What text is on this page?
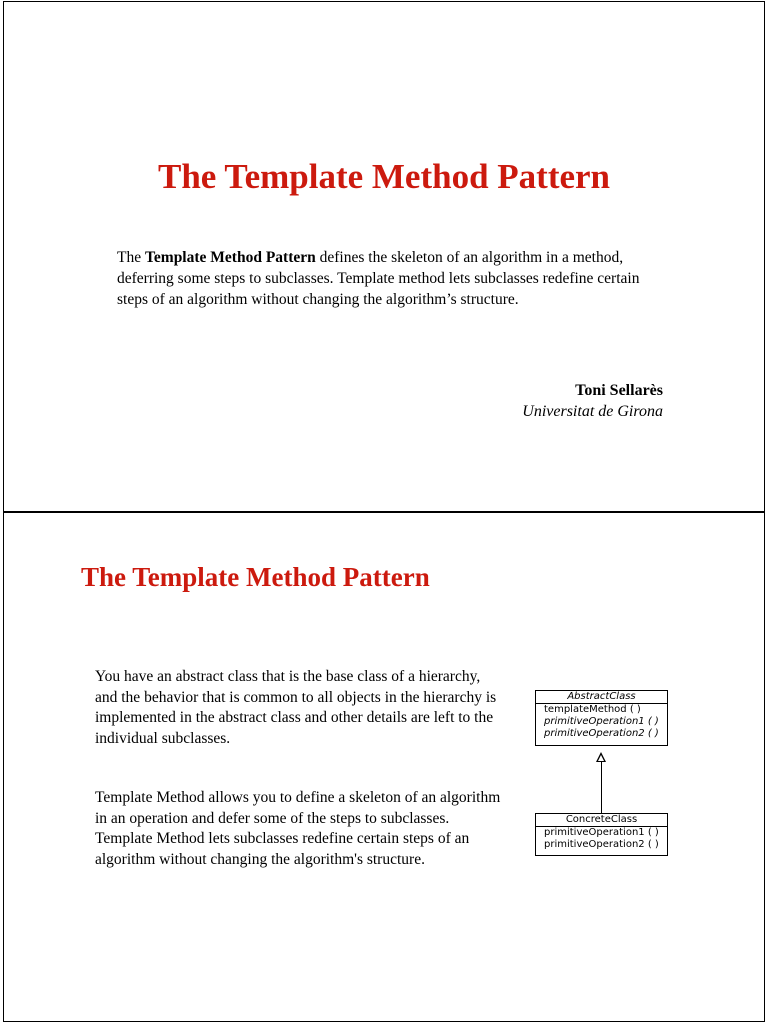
The Template Method Pattern

The Template Method Pattern defines the skeleton of an algorithm in a method, deferring some steps to subclasses. Template method lets subclasses redefine certain steps of an algorithm without changing the algorithm’s structure.

Toni Sellarès
Universitat de Girona
The Template Method Pattern

You have an abstract class that is the base class of a hierarchy, and the behavior that is common to all objects in the hierarchy is implemented in the abstract class and other details are left to the individual subclasses.

Template Method allows you to define a skeleton of an algorithm in an operation and defer some of the steps to subclasses. Template Method lets subclasses redefine certain steps of an algorithm without changing the algorithm's structure.

AbstractClass
templateMethod ( )
primitiveOperation1 ( )
primitiveOperation2 ( )
ConcreteClass
primitiveOperation1 ( )
primitiveOperation2 ( )
